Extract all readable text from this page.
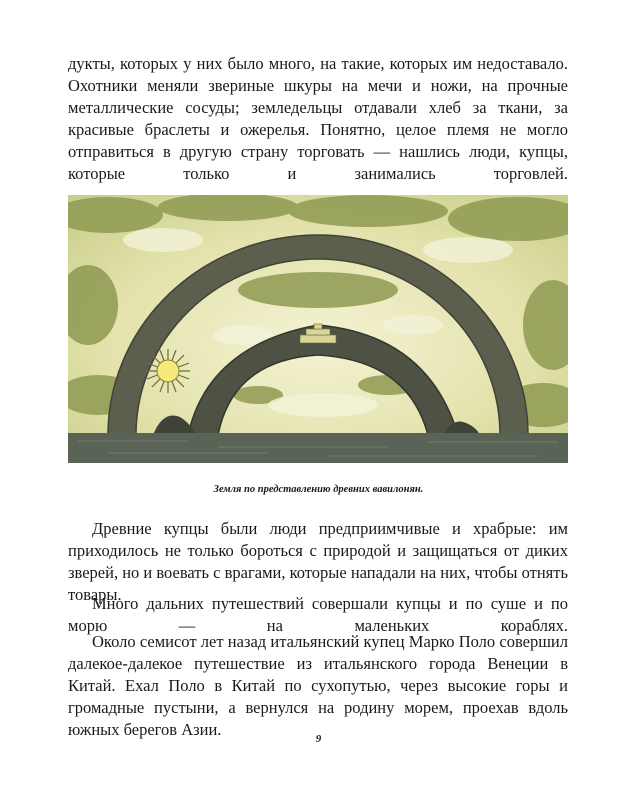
дукты, которых у них было много, на такие, которых им недоставало. Охотники меняли звериные шкуры на мечи и ножи, на прочные металлические сосуды; земледельцы отдавали хлеб за ткани, за красивые браслеты и ожерелья. Понятно, целое племя не могло отправиться в другую страну торговать — нашлись люди, купцы, которые только и занимались торговлей.

Земля по представлению древних вавилонян.

Древние купцы были люди предприимчивые и храбрые: им приходилось не только бороться с природой и защищаться от диких зверей, но и воевать с врагами, которые нападали на них, чтобы отнять товары.

Много дальних путешествий совершали купцы и по суше и по морю — на маленьких кораблях.

Около семисот лет назад итальянский купец Марко Поло совершил далекое-далекое путешествие из итальянского города Венеции в Китай. Ехал Поло в Китай по сухопутью, через высокие горы и громадные пустыни, а вернулся на родину морем, проехав вдоль южных берегов Азии.	9
